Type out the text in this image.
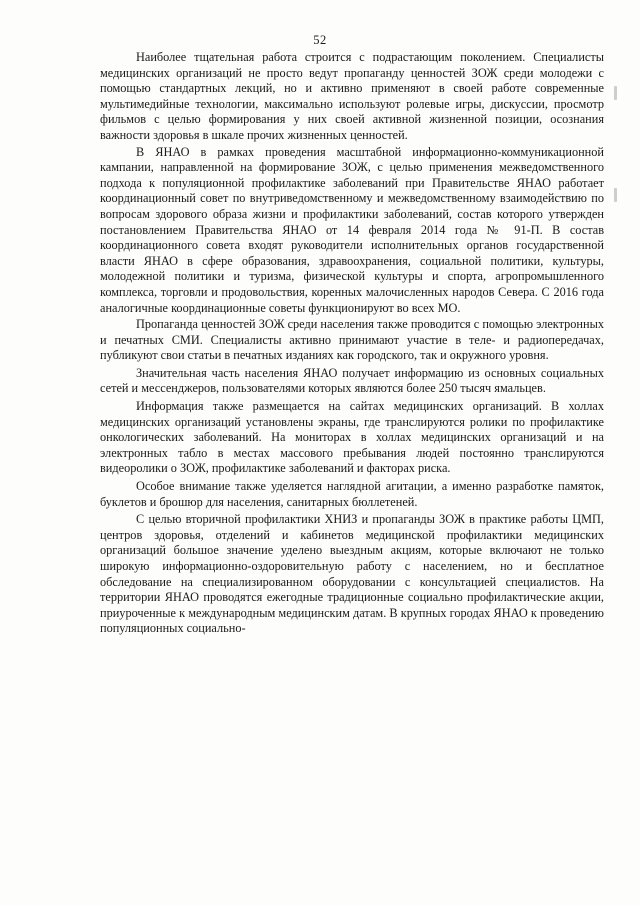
52

Наиболее тщательная работа строится с подрастающим поколением. Специалисты медицинских организаций не просто ведут пропаганду ценностей ЗОЖ среди молодежи с помощью стандартных лекций, но и активно применяют в своей работе современные мультимедийные технологии, максимально используют ролевые игры, дискуссии, просмотр фильмов с целью формирования у них своей активной жизненной позиции, осознания важности здоровья в шкале прочих жизненных ценностей.

В ЯНАО в рамках проведения масштабной информационно-коммуникационной кампании, направленной на формирование ЗОЖ, с целью применения межведомственного подхода к популяционной профилактике заболеваний при Правительстве ЯНАО работает координационный совет по внутриведомственному и межведомственному взаимодействию по вопросам здорового образа жизни и профилактики заболеваний, состав которого утвержден постановлением Правительства ЯНАО от 14 февраля 2014 года № 91-П. В состав координационного совета входят руководители исполнительных органов государственной власти ЯНАО в сфере образования, здравоохранения, социальной политики, культуры, молодежной политики и туризма, физической культуры и спорта, агропромышленного комплекса, торговли и продовольствия, коренных малочисленных народов Севера. С 2016 года аналогичные координационные советы функционируют во всех МО.

Пропаганда ценностей ЗОЖ среди населения также проводится с помощью электронных и печатных СМИ. Специалисты активно принимают участие в теле- и радиопередачах, публикуют свои статьи в печатных изданиях как городского, так и окружного уровня.

Значительная часть населения ЯНАО получает информацию из основных социальных сетей и мессенджеров, пользователями которых являются более 250 тысяч ямальцев.

Информация также размещается на сайтах медицинских организаций. В холлах медицинских организаций установлены экраны, где транслируются ролики по профилактике онкологических заболеваний. На мониторах в холлах медицинских организаций и на электронных табло в местах массового пребывания людей постоянно транслируются видеоролики о ЗОЖ, профилактике заболеваний и факторах риска.

Особое внимание также уделяется наглядной агитации, а именно разработке памяток, буклетов и брошюр для населения, санитарных бюллетеней.

С целью вторичной профилактики ХНИЗ и пропаганды ЗОЖ в практике работы ЦМП, центров здоровья, отделений и кабинетов медицинской профилактики медицинских организаций большое значение уделено выездным акциям, которые включают не только широкую информационно-оздоровительную работу с населением, но и бесплатное обследование на специализированном оборудовании с консультацией специалистов. На территории ЯНАО проводятся ежегодные традиционные социально профилактические акции, приуроченные к международным медицинским датам. В крупных городах ЯНАО к проведению популяционных социально-
